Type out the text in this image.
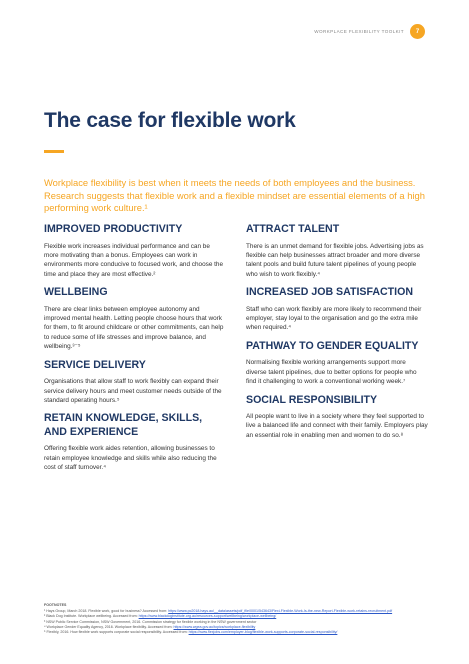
WORKPLACE FLEXIBILITY TOOLKIT	7
The case for flexible work

Workplace flexibility is best when it meets the needs of both employees and the business. Research suggests that flexible work and a flexible mindset are essential elements of a high performing work culture.¹

IMPROVED PRODUCTIVITY

Flexible work increases individual performance and can be more motivating than a bonus. Employees can work in environments more conducive to focused work, and choose the time and place they are most effective.²

WELLBEING

There are clear links between employee autonomy and improved mental health. Letting people choose hours that work for them, to fit around childcare or other commitments, can help to reduce some of life stresses and improve balance, and wellbeing.³⁻⁵

SERVICE DELIVERY

Organisations that allow staff to work flexibly can expand their service delivery hours and meet customer needs outside of the standard operating hours.⁵

RETAIN KNOWLEDGE, SKILLS, AND EXPERIENCE

Offering flexible work aides retention, allowing businesses to retain employee knowledge and skills while also reducing the cost of staff turnover.⁴

ATTRACT TALENT

There is an unmet demand for flexible jobs. Advertising jobs as flexible can help businesses attract broader and more diverse talent pools and build future talent pipelines of young people who wish to work flexibly.⁴

INCREASED JOB SATISFACTION

Staff who can work flexibly are more likely to recommend their employer, stay loyal to the organisation and go the extra mile when required.⁴

PATHWAY TO GENDER EQUALITY

Normalising flexible working arrangements support more diverse talent pipelines, due to better options for people who find it challenging to work a conventional working week.⁷

SOCIAL RESPONSIBILITY

All people want to live in a society where they feel supported to live a balanced life and connect with their family. Employers play an essential role in enabling men and women to do so.⁸

FOOTNOTES
¹ Hays Group, March 2018. Flexible work, good for business? Accessed from: https://www.pc2018.hays.au/__data/assets/pdf_file/0001/543643/Flexi-Flexible-Work-Is-the-new-Report-Flexible-work-retains-recruitment.pdf
² Black Dog Institute. Workplace wellbeing. Accessed from: https://www.blackdoginstitute.org.au/resources-support/wellbeing/workplace-wellbeing/
³ NSW Public Service Commission, NSW Government, 2016. Commission strategy for flexible working in the NSW government sector
⁴ Workplace Gender Equality Agency, 2016. Workplace flexibility. Accessed from: https://www.wgea.gov.au/topics/workplace-flexibility
⁵ Flexibly, 2016. How flexible work supports corporate social responsibility. Accessed from: https://www.flexjobs.com/employer-blog/flexible-work-supports-corporate-social-responsibility/
